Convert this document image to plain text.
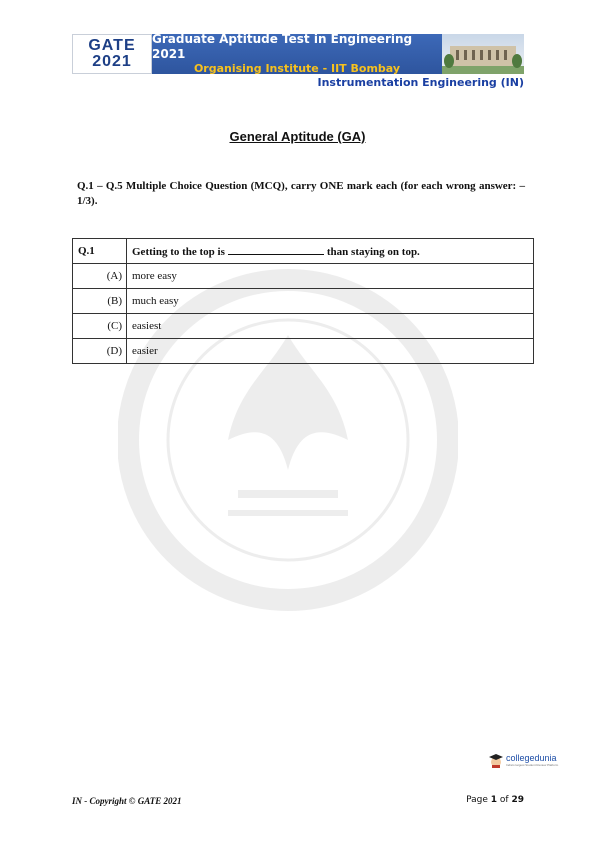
GATE
2021
Graduate Aptitude Test in Engineering 2021
Organising Institute - IIT Bombay
Instrumentation Engineering (IN)
General Aptitude (GA)
Q.1 – Q.5 Multiple Choice Question (MCQ), carry ONE mark each (for each wrong answer: – 1/3).
Q.1	Getting to the top is than staying on top.
(A)	more easy
(B)	much easy
(C)	easiest
(D)	easier
collegedunia
India's largest Student Review Platform
IN - Copyright © GATE 2021	Page 1 of 29
